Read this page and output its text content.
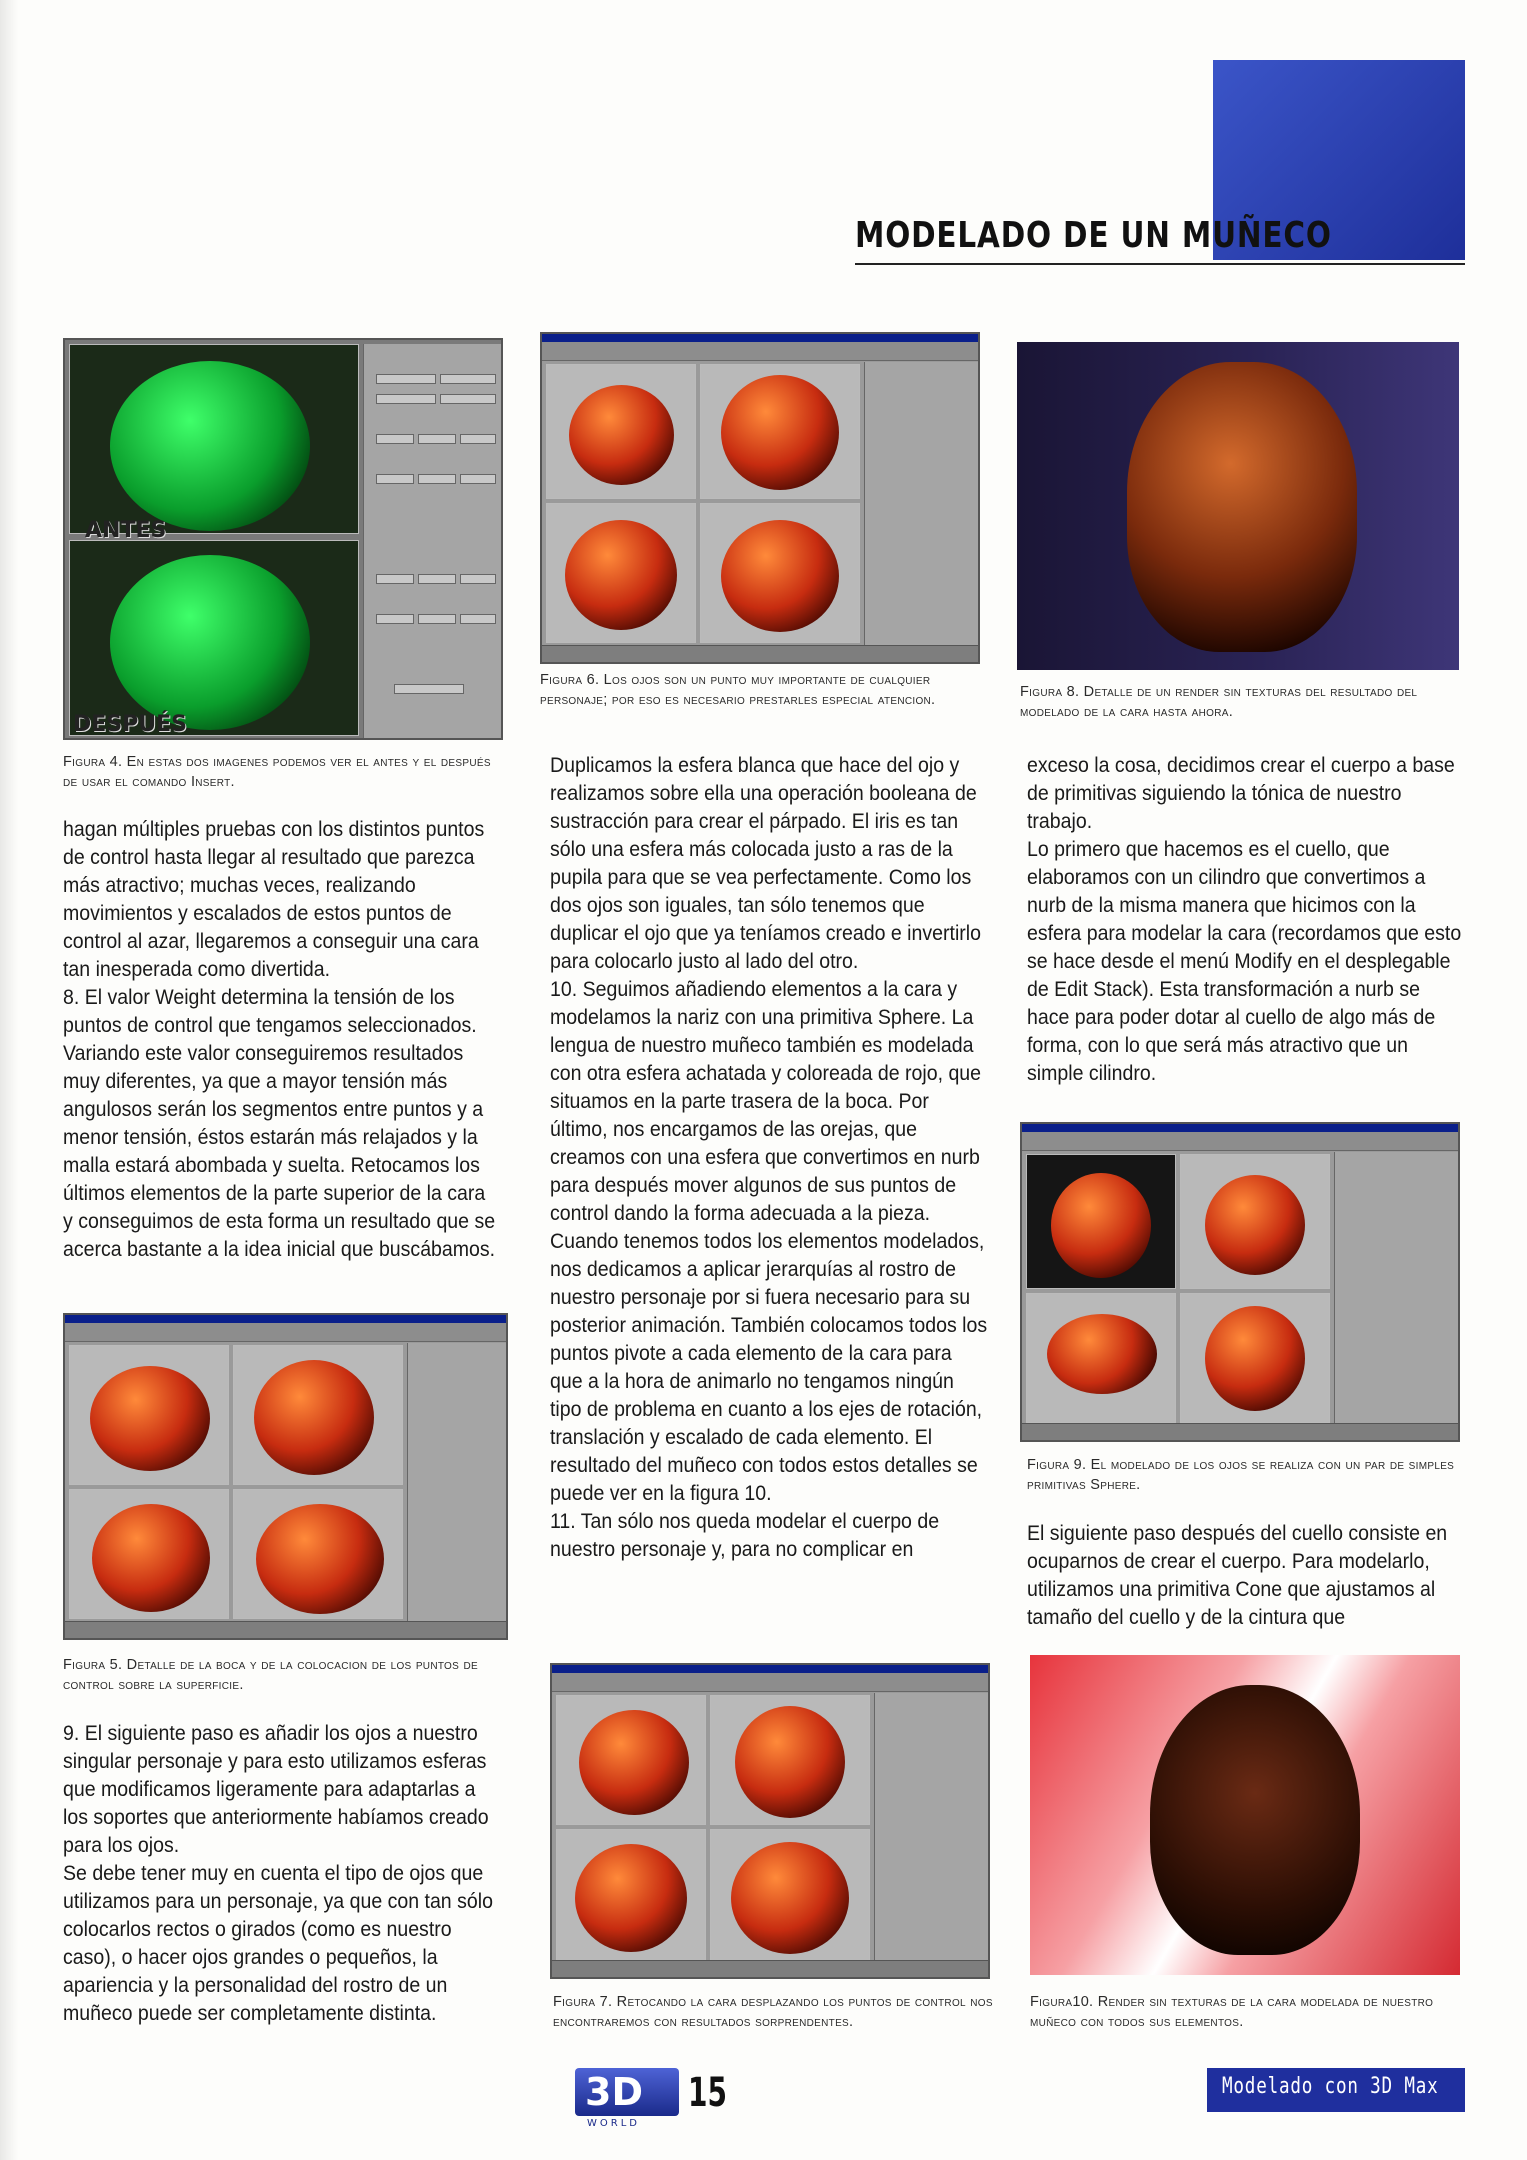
MODELADO DE UN MUÑECO
ANTES
DESPUÉS
Figura 4. En estas dos imagenes podemos ver el antes y el después de usar el comando Insert.
Figura 5. Detalle de la boca y de la colocacion de los puntos de control sobre la superficie.
Figura 6. Los ojos son un punto muy importante de cualquier personaje; por eso es necesario prestarles especial atencion.
Figura 7. Retocando la cara desplazando los puntos de control nos encontraremos con resultados sorprendentes.
Figura 8. Detalle de un render sin texturas del resultado del modelado de la cara hasta ahora.
Figura 9. El modelado de los ojos se realiza con un par de simples primitivas Sphere.
Figura10. Render sin texturas de la cara modelada de nuestro muñeco con todos sus elementos.

hagan múltiples pruebas con los distintos puntos de control hasta llegar al resultado que parezca más atractivo; muchas veces, realizando movimientos y escalados de estos puntos de control al azar, llegaremos a conseguir una cara tan inesperada como divertida.

8. El valor Weight determina la tensión de los puntos de control que tengamos seleccionados. Variando este valor conseguiremos resultados muy diferentes, ya que a mayor tensión más angulosos serán los segmentos entre puntos y a menor tensión, éstos estarán más relajados y la malla estará abombada y suelta. Retocamos los últimos elementos de la parte superior de la cara y conseguimos de esta forma un resultado que se acerca bastante a la idea inicial que buscábamos.

9. El siguiente paso es añadir los ojos a nuestro singular personaje y para esto utilizamos esferas que modificamos ligeramente para adaptarlas a los soportes que anteriormente habíamos creado para los ojos.

Se debe tener muy en cuenta el tipo de ojos que utilizamos para un personaje, ya que con tan sólo colocarlos rectos o girados (como es nuestro caso), o hacer ojos grandes o pequeños, la apariencia y la personalidad del rostro de un muñeco puede ser completamente distinta.

Duplicamos la esfera blanca que hace del ojo y realizamos sobre ella una operación booleana de sustracción para crear el párpado. El iris es tan sólo una esfera más colocada justo a ras de la pupila para que se vea perfectamente. Como los dos ojos son iguales, tan sólo tenemos que duplicar el ojo que ya teníamos creado e invertirlo para colocarlo justo al lado del otro.

10. Seguimos añadiendo elementos a la cara y modelamos la nariz con una primitiva Sphere. La lengua de nuestro muñeco también es modelada con otra esfera achatada y coloreada de rojo, que situamos en la parte trasera de la boca. Por último, nos encargamos de las orejas, que creamos con una esfera que convertimos en nurb para después mover algunos de sus puntos de control dando la forma adecuada a la pieza. Cuando tenemos todos los elementos modelados, nos dedicamos a aplicar jerarquías al rostro de nuestro personaje por si fuera necesario para su posterior animación. También colocamos todos los puntos pivote a cada elemento de la cara para que a la hora de animarlo no tengamos ningún tipo de problema en cuanto a los ejes de rotación, translación y escalado de cada elemento. El resultado del muñeco con todos estos detalles se puede ver en la figura 10.

11. Tan sólo nos queda modelar el cuerpo de nuestro personaje y, para no complicar en

exceso la cosa, decidimos crear el cuerpo a base de primitivas siguiendo la tónica de nuestro trabajo.

Lo primero que hacemos es el cuello, que elaboramos con un cilindro que convertimos a nurb de la misma manera que hicimos con la esfera para modelar la cara (recordamos que esto se hace desde el menú Modify en el desplegable de Edit Stack). Esta transformación a nurb se hace para poder dotar al cuello de algo más de forma, con lo que será más atractivo que un simple cilindro.

El siguiente paso después del cuello consiste en ocuparnos de crear el cuerpo. Para modelarlo, utilizamos una primitiva Cone que ajustamos al tamaño del cuello y de la cintura que

3D
WORLD
15	Modelado con 3D Max
